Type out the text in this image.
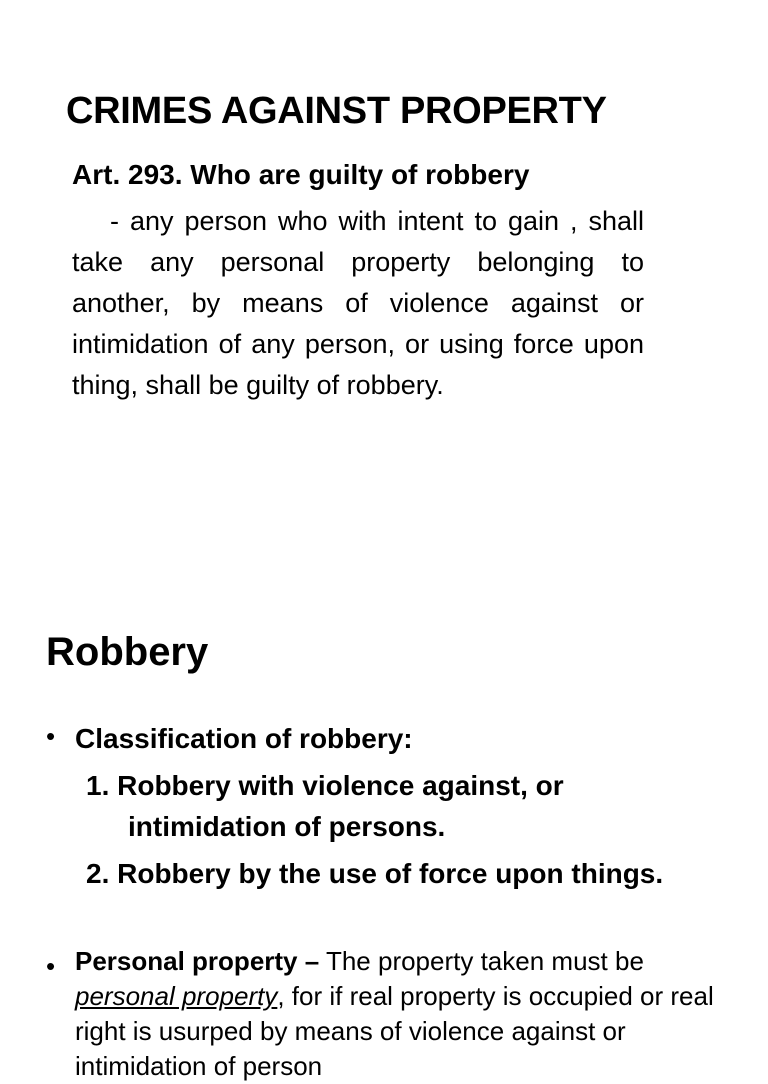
CRIMES AGAINST PROPERTY
Art. 293. Who are guilty of robbery

- any person who with intent to gain , shall take any personal property belonging to another, by means of violence against or intimidation of any person, or using force upon thing, shall be guilty of robbery.

Robbery
• Classification of robbery:
1. Robbery with violence against, or
intimidation of persons.
2. Robbery by the use of force upon things.
• Personal property – The property taken must be personal property, for if real property is occupied or real right is usurped by means of violence against or intimidation of person
